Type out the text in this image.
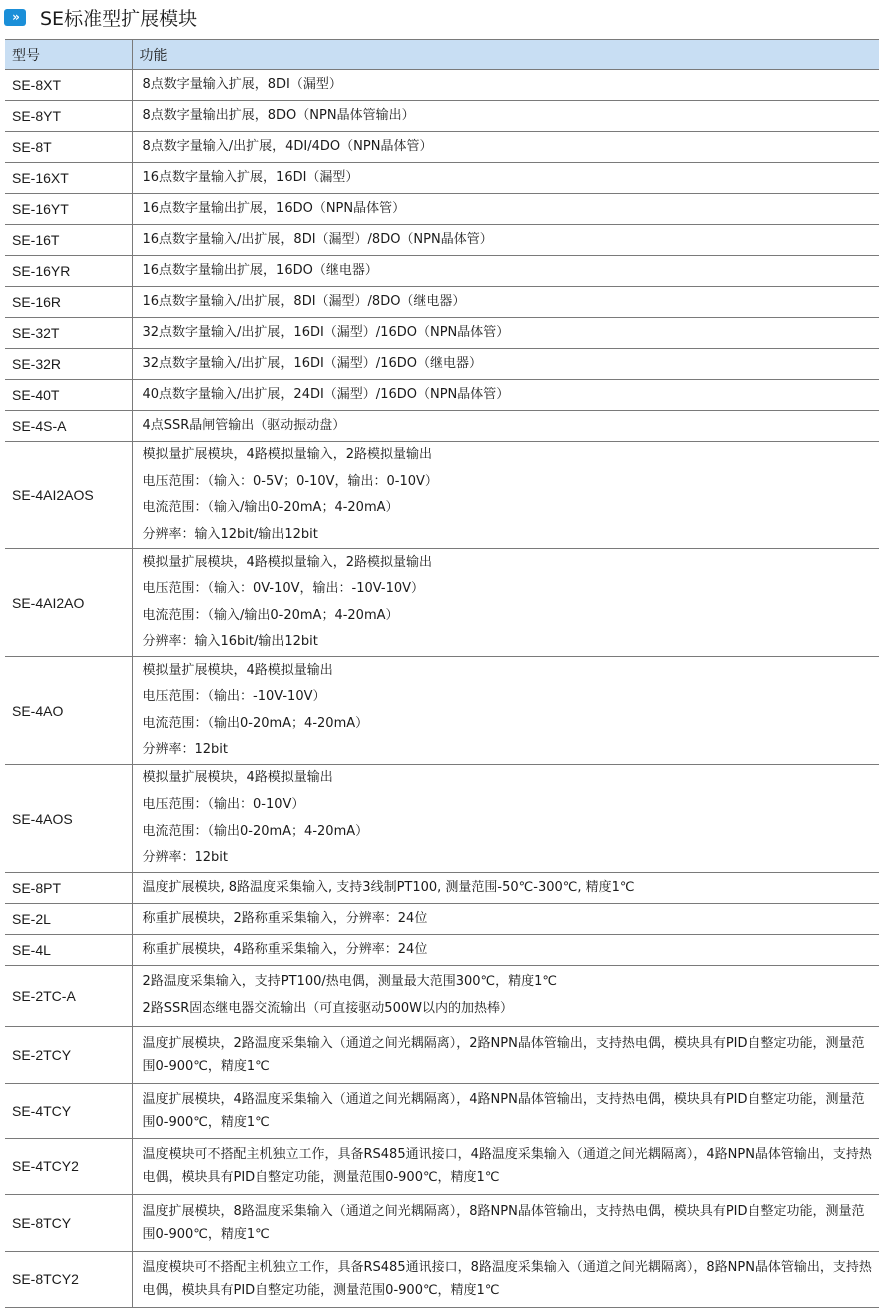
»	SE标准型扩展模块
型号	功能
SE-8XT	8点数字量输入扩展，8DI（漏型）

SE-8YT	8点数字量输出扩展，8DO（NPN晶体管输出）

SE-8T	8点数字量输入/出扩展，4DI/4DO（NPN晶体管）

SE-16XT	16点数字量输入扩展，16DI（漏型）

SE-16YT	16点数字量输出扩展，16DO（NPN晶体管）

SE-16T	16点数字量输入/出扩展，8DI（漏型）/8DO（NPN晶体管）

SE-16YR	16点数字量输出扩展，16DO（继电器）

SE-16R	16点数字量输入/出扩展，8DI（漏型）/8DO（继电器）

SE-32T	32点数字量输入/出扩展，16DI（漏型）/16DO（NPN晶体管）

SE-32R	32点数字量输入/出扩展，16DI（漏型）/16DO（继电器）

SE-40T	40点数字量输入/出扩展，24DI（漏型）/16DO（NPN晶体管）

SE-4S-A	4点SSR晶闸管输出（驱动振动盘）

SE-4AI2AOS	模拟量扩展模块，4路模拟量输入，2路模拟量输出
电压范围：（输入：0-5V；0-10V，输出：0-10V）
电流范围：（输入/输出0-20mA；4-20mA）
分辨率：输入12bit/输出12bit

SE-4AI2AO	模拟量扩展模块，4路模拟量输入，2路模拟量输出
电压范围：（输入：0V-10V，输出：-10V-10V）
电流范围：（输入/输出0-20mA；4-20mA）
分辨率：输入16bit/输出12bit

SE-4AO	模拟量扩展模块，4路模拟量输出
电压范围：（输出：-10V-10V）
电流范围：（输出0-20mA；4-20mA）
分辨率：12bit

SE-4AOS	模拟量扩展模块，4路模拟量输出
电压范围：（输出：0-10V）
电流范围：（输出0-20mA；4-20mA）
分辨率：12bit

SE-8PT	温度扩展模块, 8路温度采集输入, 支持3线制PT100, 测量范围-50℃-300℃, 精度1℃

SE-2L	称重扩展模块，2路称重采集输入，分辨率：24位

SE-4L	称重扩展模块，4路称重采集输入，分辨率：24位

SE-2TC-A	2路温度采集输入，支持PT100/热电偶，测量最大范围300℃，精度1℃
2路SSR固态继电器交流输出（可直接驱动500W以内的加热棒）

SE-2TCY	温度扩展模块，2路温度采集输入（通道之间光耦隔离），2路NPN晶体管输出，支持热电偶，模块具有PID自整定功能，测量范围0-900℃，精度1℃

SE-4TCY	温度扩展模块，4路温度采集输入（通道之间光耦隔离），4路NPN晶体管输出，支持热电偶，模块具有PID自整定功能，测量范围0-900℃，精度1℃

SE-4TCY2	温度模块可不搭配主机独立工作，具备RS485通讯接口，4路温度采集输入（通道之间光耦隔离），4路NPN晶体管输出，支持热电偶，模块具有PID自整定功能，测量范围0-900℃，精度1℃

SE-8TCY	温度扩展模块，8路温度采集输入（通道之间光耦隔离），8路NPN晶体管输出，支持热电偶，模块具有PID自整定功能，测量范围0-900℃，精度1℃

SE-8TCY2	温度模块可不搭配主机独立工作，具备RS485通讯接口，8路温度采集输入（通道之间光耦隔离），8路NPN晶体管输出，支持热电偶，模块具有PID自整定功能，测量范围0-900℃，精度1℃
